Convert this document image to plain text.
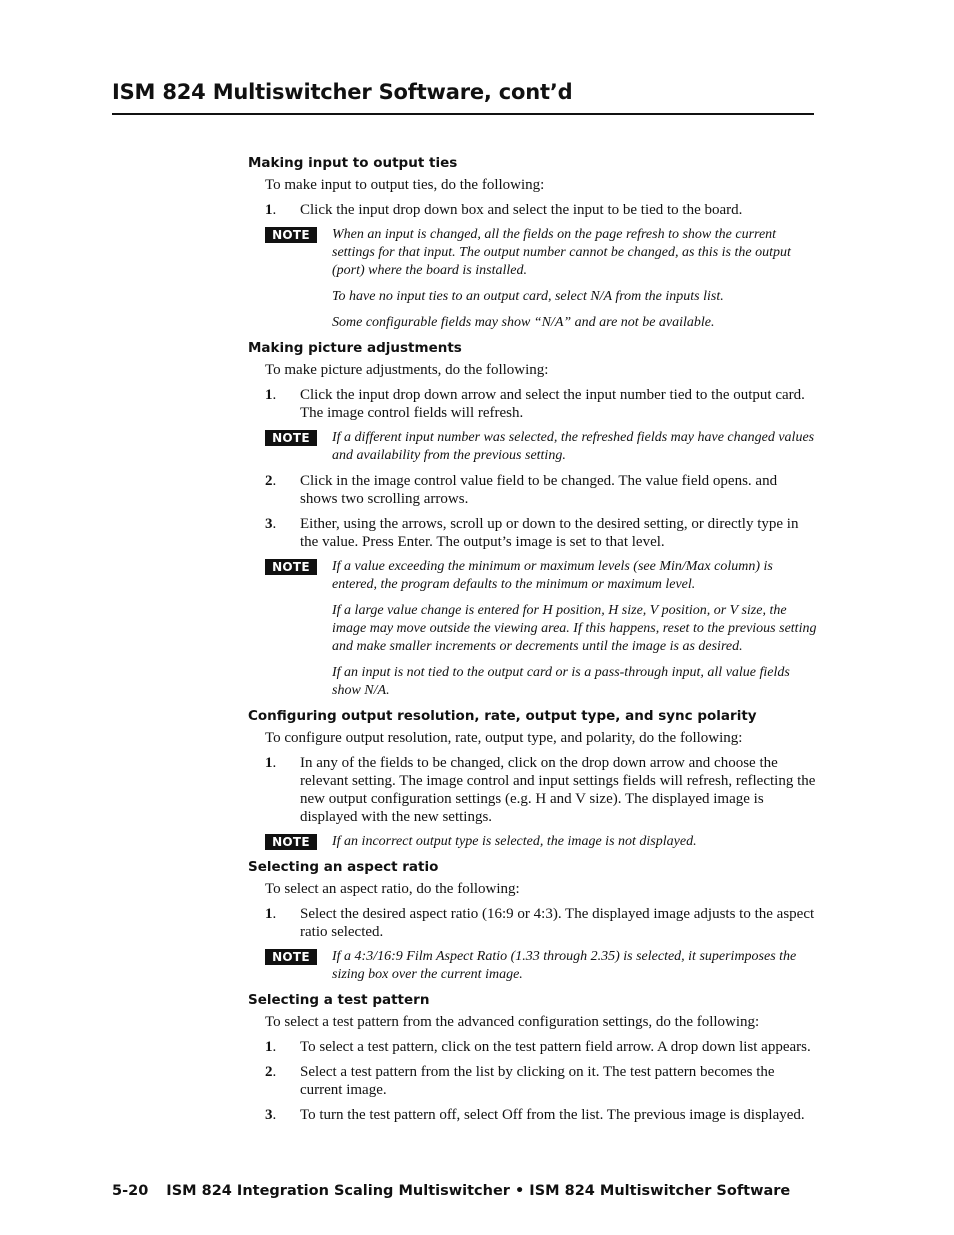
ISM 824 Multiswitcher Software, cont’d
Making input to output ties
To make input to output ties, do the following:
1.	Click the input drop down box and select the input to be tied to the board.
NOTE	When an input is changed, all the fields on the page refresh to show the current settings for that input. The output number cannot be changed, as this is the output (port) where the board is installed.
To have no input ties to an output card, select N/A from the inputs list.
Some configurable fields may show “N/A” and are not be available.
Making picture adjustments
To make picture adjustments, do the following:
1.	Click the input drop down arrow and select the input number tied to the output card. The image control fields will refresh.
NOTE	If a different input number was selected, the refreshed fields may have changed values and availability from the previous setting.
2.	Click in the image control value field to be changed. The value field opens. and shows two scrolling arrows.
3.	Either, using the arrows, scroll up or down to the desired setting, or directly type in the value. Press Enter. The output’s image is set to that level.
NOTE	If a value exceeding the minimum or maximum levels (see Min/Max column) is entered, the program defaults to the minimum or maximum level.
If a large value change is entered for H position, H size, V position, or V size, the image may move outside the viewing area. If this happens, reset to the previous setting and make smaller increments or decrements until the image is as desired.
If an input is not tied to the output card or is a pass-through input, all value fields show N/A.
Configuring output resolution, rate, output type, and sync polarity
To configure output resolution, rate, output type, and polarity, do the following:
1.	In any of the fields to be changed, click on the drop down arrow and choose the relevant setting. The image control and input settings fields will refresh, reflecting the new output configuration settings (e.g. H and V size). The displayed image is displayed with the new settings.
NOTE	If an incorrect output type is selected, the image is not displayed.
Selecting an aspect ratio
To select an aspect ratio, do the following:
1.	Select the desired aspect ratio (16:9 or 4:3). The displayed image adjusts to the aspect ratio selected.
NOTE	If a 4:3/16:9 Film Aspect Ratio (1.33 through 2.35) is selected, it superimposes the sizing box over the current image.
Selecting a test pattern
To select a test pattern from the advanced configuration settings, do the following:
1.	To select a test pattern, click on the test pattern field arrow. A drop down list appears.
2.	Select a test pattern from the list by clicking on it. The test pattern becomes the current image.
3.	To turn the test pattern off, select Off from the list. The previous image is displayed.
5-20 ISM 824 Integration Scaling Multiswitcher • ISM 824 Multiswitcher Software
